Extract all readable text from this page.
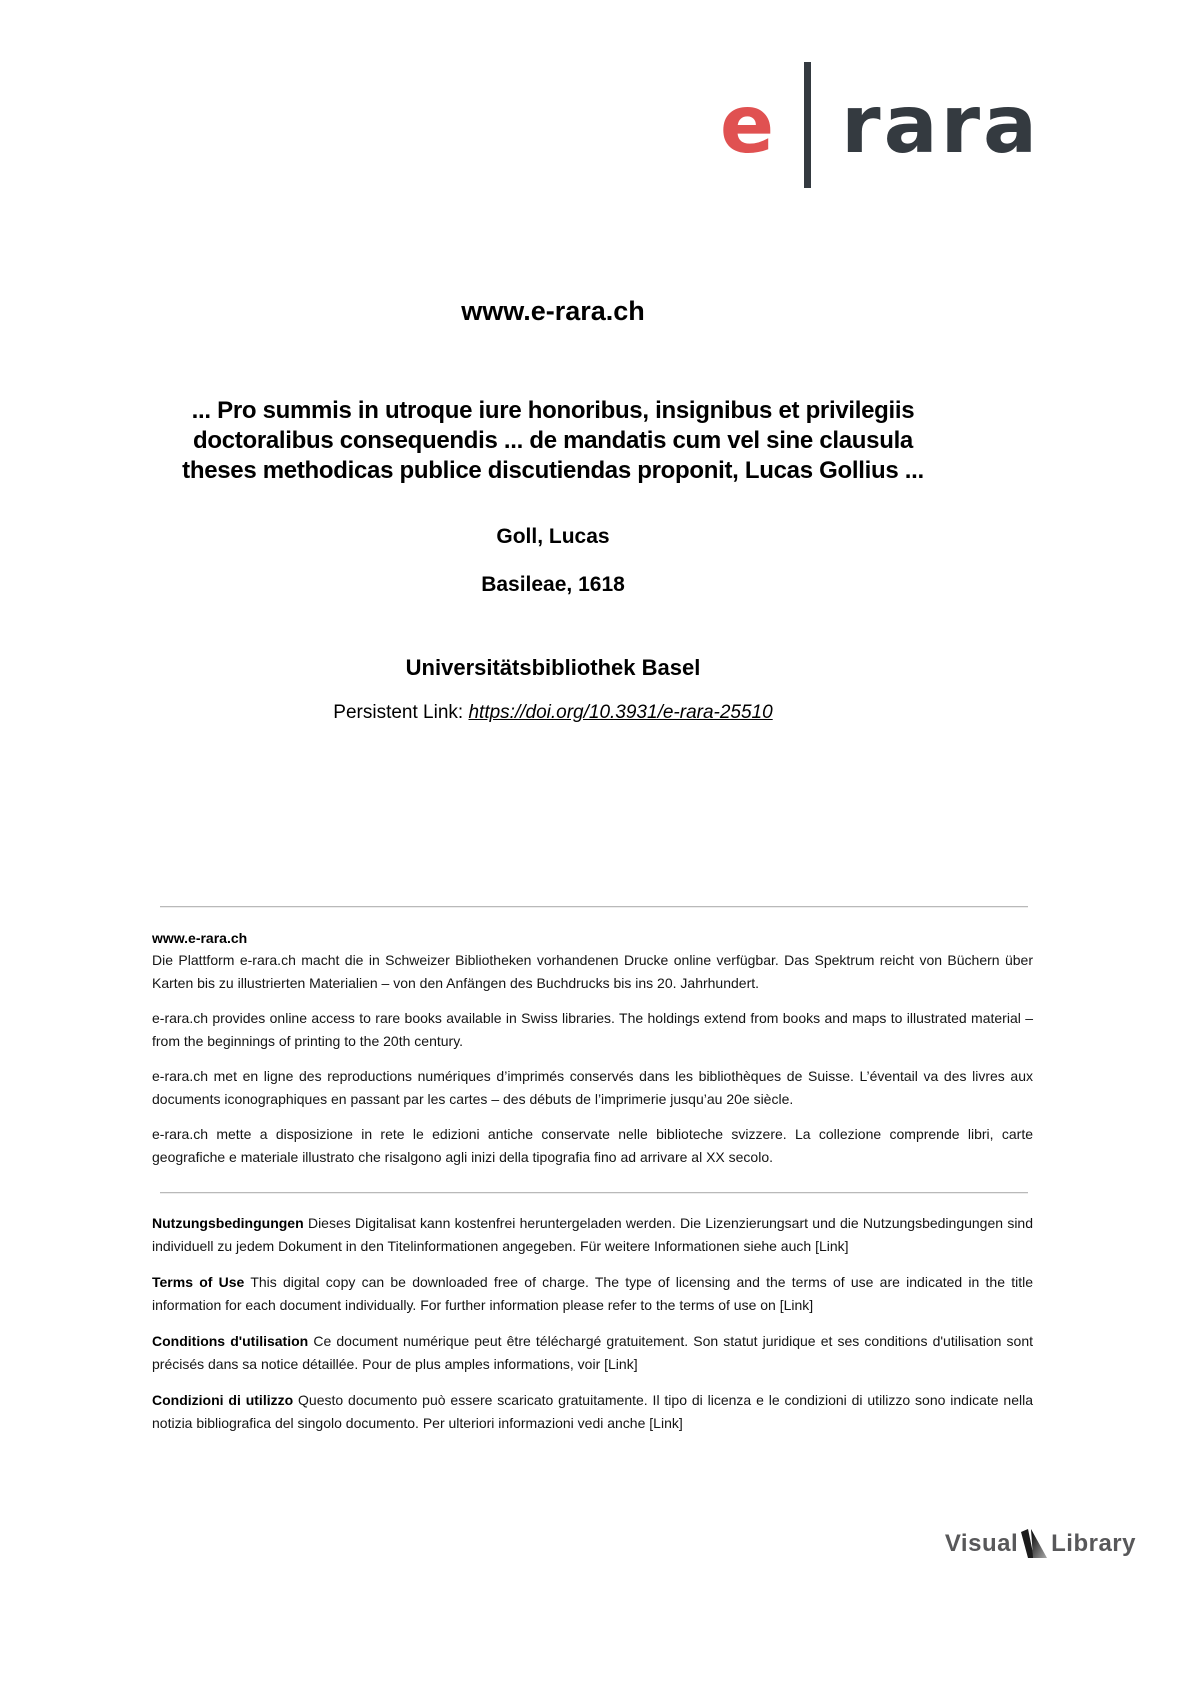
e rara
www.e-rara.ch
... Pro summis in utroque iure honoribus, insignibus et privilegiis
doctoralibus consequendis ... de mandatis cum vel sine clausula
theses methodicas publice discutiendas proponit, Lucas Gollius ...
Goll, Lucas
Basileae, 1618
Universitätsbibliothek Basel
Persistent Link: https://doi.org/10.3931/e-rara-25510
www.e-rara.ch

Die Plattform e-rara.ch macht die in Schweizer Bibliotheken vorhandenen Drucke online verfügbar. Das Spektrum reicht von Büchern über Karten bis zu illustrierten Materialien – von den Anfängen des Buchdrucks bis ins 20. Jahrhundert.

e-rara.ch provides online access to rare books available in Swiss libraries. The holdings extend from books and maps to illustrated material – from the beginnings of printing to the 20th century.

e-rara.ch met en ligne des reproductions numériques d’imprimés conservés dans les bibliothèques de Suisse. L’éventail va des livres aux documents iconographiques en passant par les cartes – des débuts de l’imprimerie jusqu’au 20e siècle.

e-rara.ch mette a disposizione in rete le edizioni antiche conservate nelle biblioteche svizzere. La collezione comprende libri, carte geografiche e materiale illustrato che risalgono agli inizi della tipografia fino ad arrivare al XX secolo.

Nutzungsbedingungen Dieses Digitalisat kann kostenfrei heruntergeladen werden. Die Lizenzierungsart und die Nutzungsbedingungen sind individuell zu jedem Dokument in den Titelinformationen angegeben. Für weitere Informationen siehe auch [Link]

Terms of Use This digital copy can be downloaded free of charge. The type of licensing and the terms of use are indicated in the title information for each document individually. For further information please refer to the terms of use on [Link]

Conditions d'utilisation Ce document numérique peut être téléchargé gratuitement. Son statut juridique et ses conditions d'utilisation sont précisés dans sa notice détaillée. Pour de plus amples informations, voir [Link]

Condizioni di utilizzo Questo documento può essere scaricato gratuitamente. Il tipo di licenza e le condizioni di utilizzo sono indicate nella notizia bibliografica del singolo documento. Per ulteriori informazioni vedi anche [Link]

Visual Library
